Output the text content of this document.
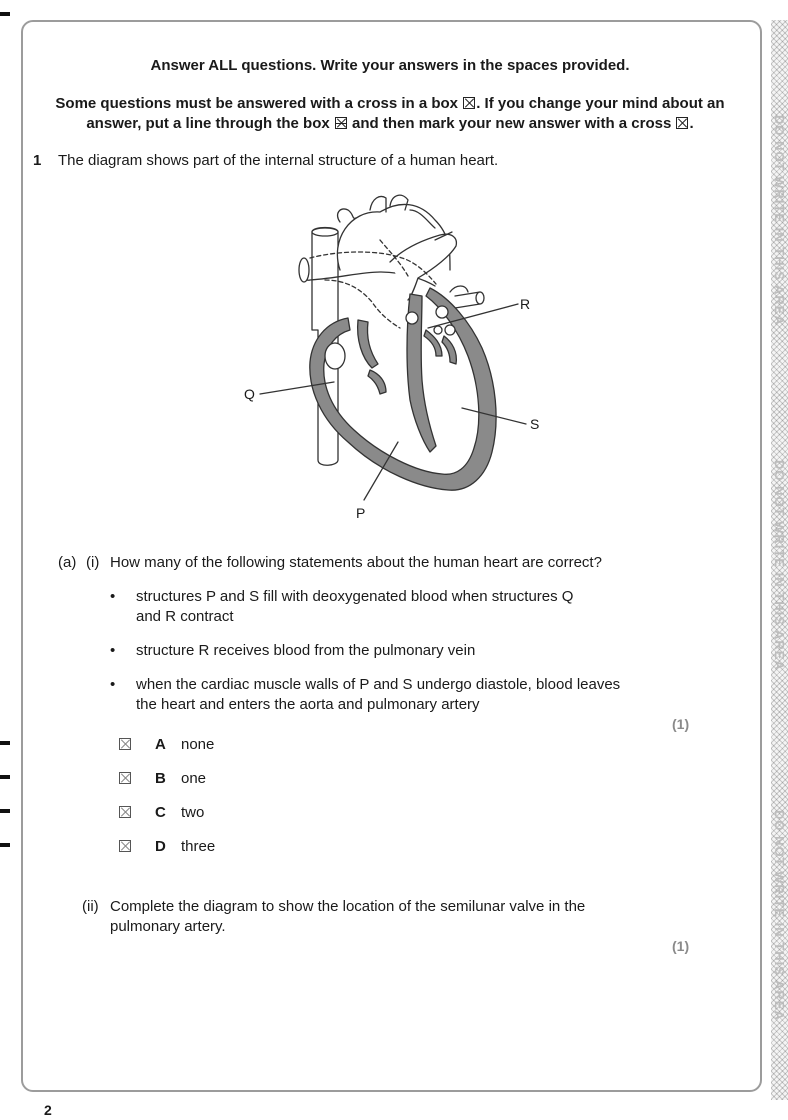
DO NOT WRITE IN THIS AREA
DO NOT WRITE IN THIS AREA
DO NOT WRITE IN THIS AREA
Answer ALL questions. Write your answers in the spaces provided.
Some questions must be answered with a cross in a box ☒. If you change your mind about an
answer, put a line through the box and then mark your new answer with a cross ☒.
1 The diagram shows part of the internal structure of a human heart.
Q
R
S
P
(a) (i) How many of the following statements about the human heart are correct?
• structures P and S fill with deoxygenated blood when structures Q
and R contract
• structure R receives blood from the pulmonary vein
• when the cardiac muscle walls of P and S undergo diastole, blood leaves
the heart and enters the aorta and pulmonary artery
(1)
A none
B one
C two
D three
(ii) Complete the diagram to show the location of the semilunar valve in the
pulmonary artery.
(1)
2
